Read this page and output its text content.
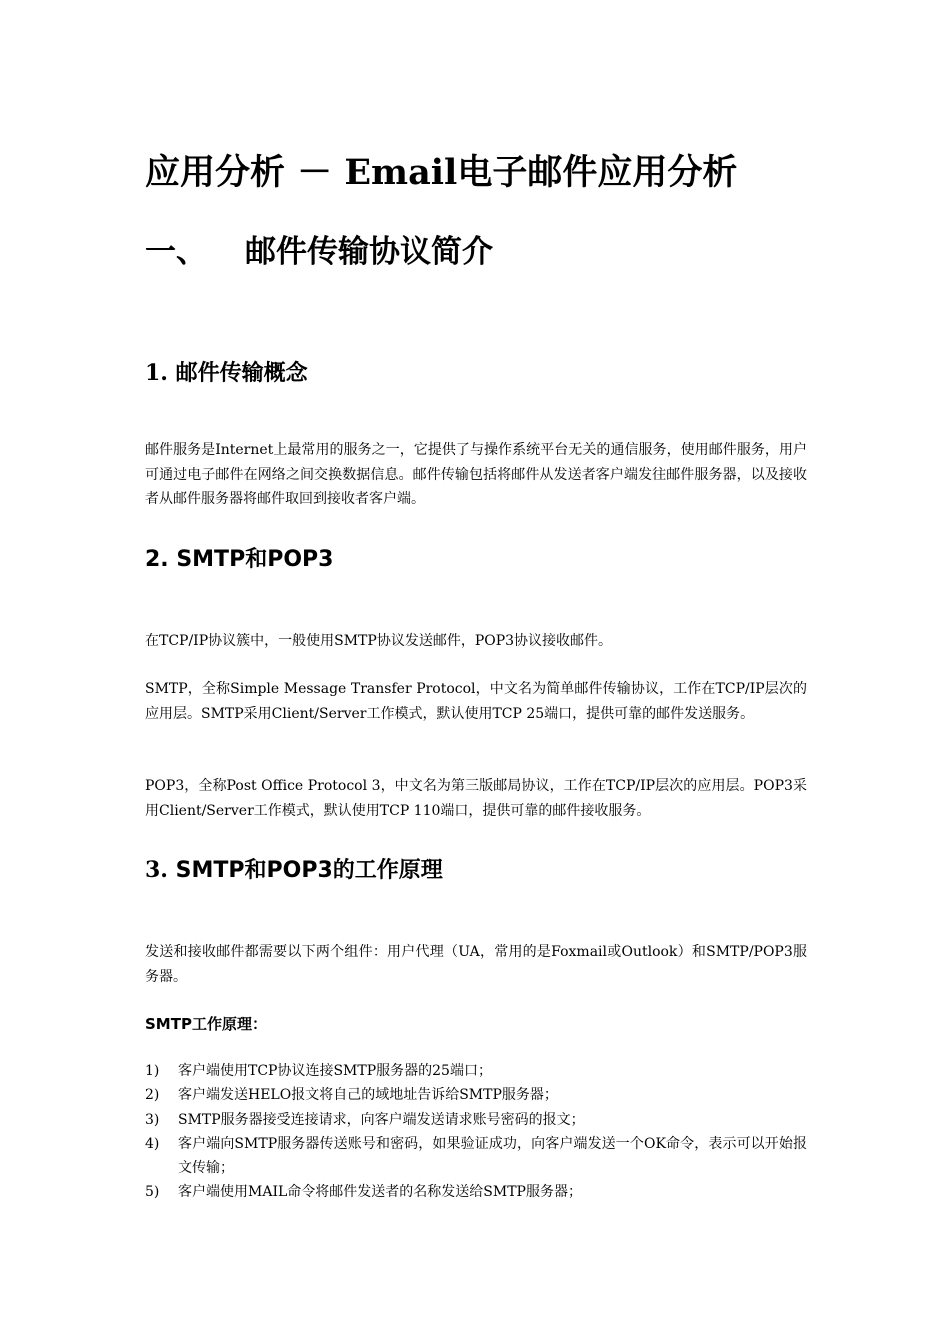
应用分析 － Email电子邮件应用分析
一、 邮件传输协议简介
1. 邮件传输概念

邮件服务是Internet上最常用的服务之一，它提供了与操作系统平台无关的通信服务，使用邮件服务，用户可通过电子邮件在网络之间交换数据信息。邮件传输包括将邮件从发送者客户端发往邮件服务器，以及接收者从邮件服务器将邮件取回到接收者客户端。

2. SMTP和POP3

在TCP/IP协议簇中，一般使用SMTP协议发送邮件，POP3协议接收邮件。

SMTP，全称Simple Message Transfer Protocol，中文名为简单邮件传输协议，工作在TCP/IP层次的应用层。SMTP采用Client/Server工作模式，默认使用TCP 25端口，提供可靠的邮件发送服务。

POP3，全称Post Office Protocol 3，中文名为第三版邮局协议，工作在TCP/IP层次的应用层。POP3采用Client/Server工作模式，默认使用TCP 110端口，提供可靠的邮件接收服务。

3. SMTP和POP3的工作原理

发送和接收邮件都需要以下两个组件：用户代理（UA，常用的是Foxmail或Outlook）和SMTP/POP3服务器。

SMTP工作原理：

1) 客户端使用TCP协议连接SMTP服务器的25端口；
2) 客户端发送HELO报文将自己的域地址告诉给SMTP服务器；
3) SMTP服务器接受连接请求，向客户端发送请求账号密码的报文；
4) 客户端向SMTP服务器传送账号和密码，如果验证成功，向客户端发送一个OK命令，表示可以开始报文传输；
5) 客户端使用MAIL命令将邮件发送者的名称发送给SMTP服务器；
